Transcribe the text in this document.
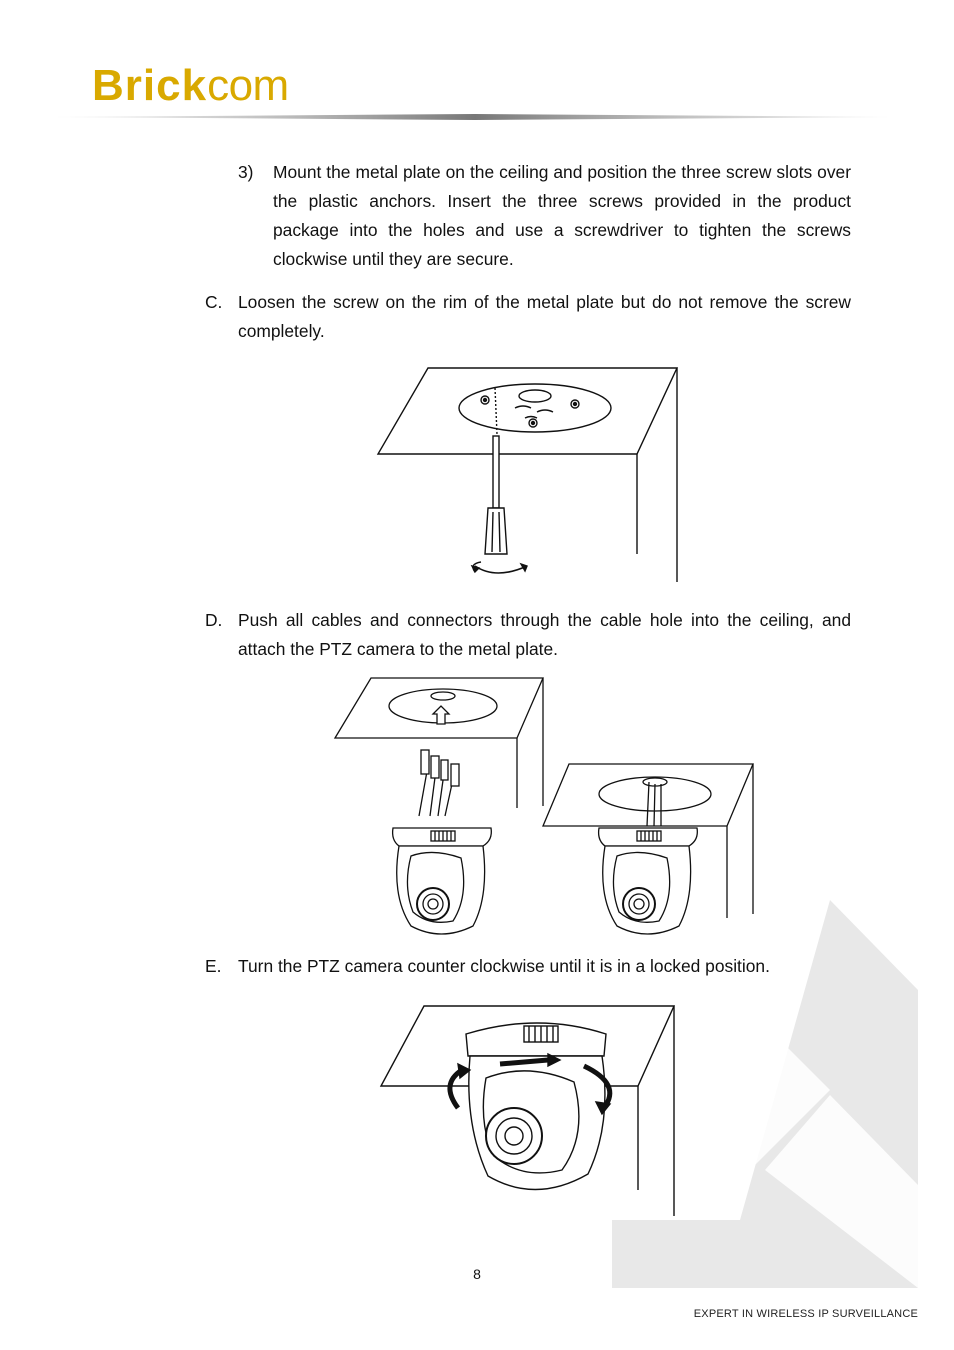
Brickcom
3) Mount the metal plate on the ceiling and position the three screw slots over the plastic anchors. Insert the three screws provided in the product package into the holes and use a screwdriver to tighten the screws clockwise until they are secure.
C. Loosen the screw on the rim of the metal plate but do not remove the screw completely.
D. Push all cables and connectors through the cable hole into the ceiling, and attach the PTZ camera to the metal plate.
E. Turn the PTZ camera counter clockwise until it is in a locked position.
8
EXPERT IN WIRELESS IP SURVEILLANCE
